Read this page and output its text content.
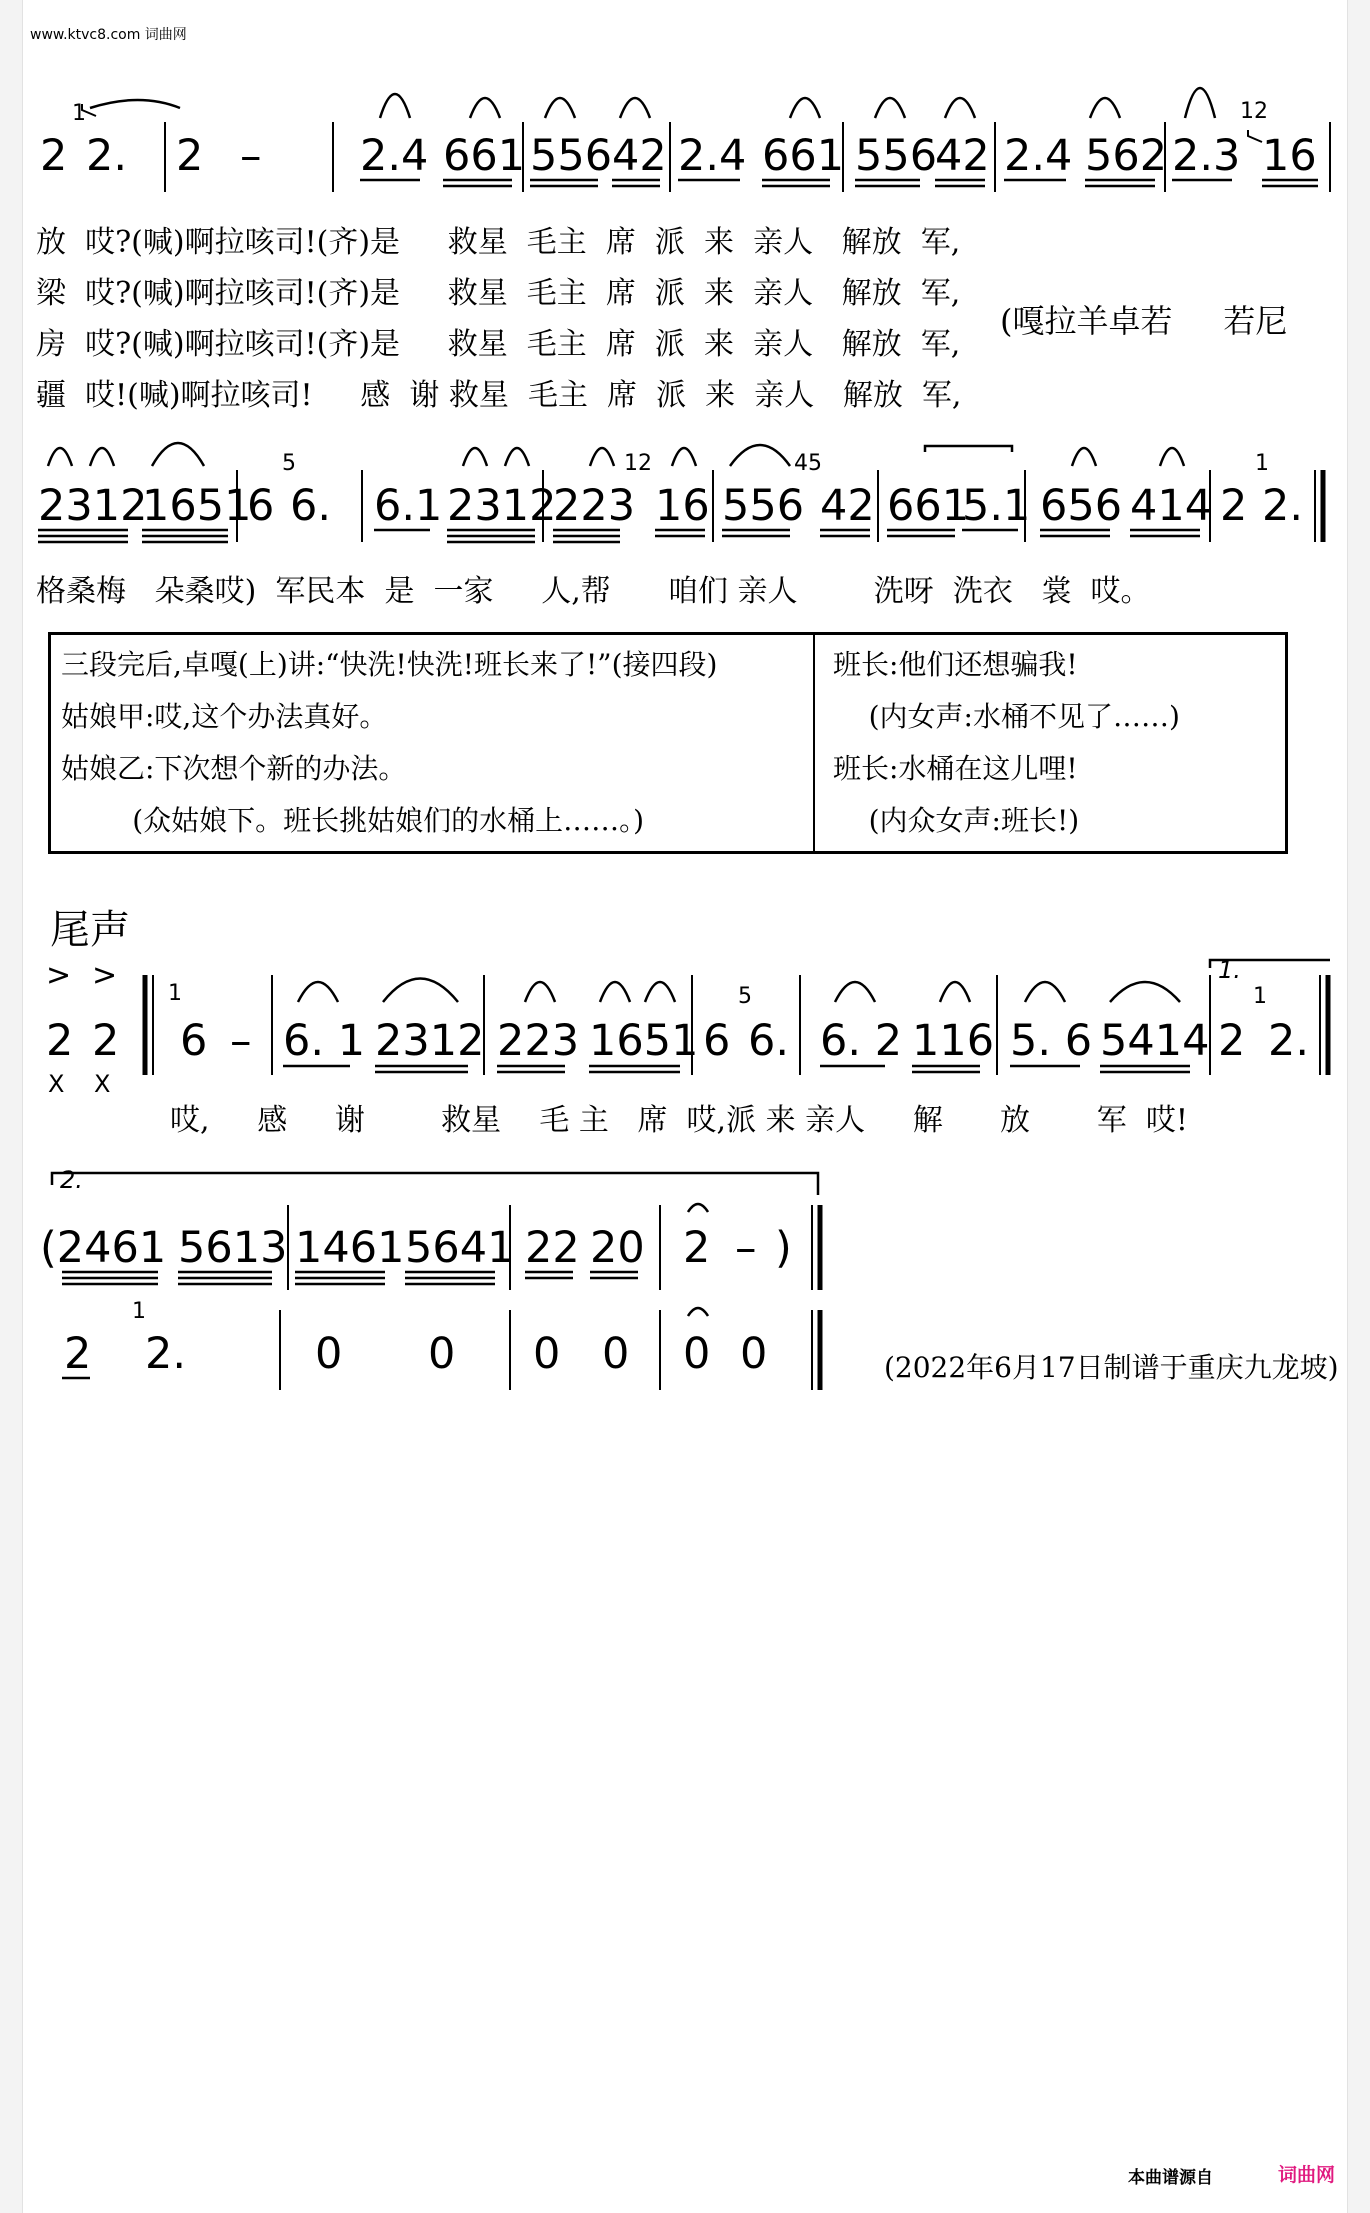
www.ktvc8.com 词曲网
2
1
2. 2 – 2.4 661 556 42 2.4 661 556
42 2.4 562 2.3
12
16
2312
1651
6
5
6. 6.1 2312
223
12
16 556
45
42 661
5.1 656 414 2
1
2.
2 2
> >
X X
1
6 – 6. 1 2312 223 1651 6
5
6. 6. 2 116 5. 6 5414
1.
2
1
2.
2.
(2461 5613 1461 5641 22 20 2 – )
2
1
2.	0 0 0 0 0 0
放  哎?(喊)啊拉咳司!(齐)是     救星  毛主  席  派  来  亲人   解放  军,
梁  哎?(喊)啊拉咳司!(齐)是     救星  毛主  席  派  来  亲人   解放  军,
房  哎?(喊)啊拉咳司!(齐)是     救星  毛主  席  派  来  亲人   解放  军,
疆  哎!(喊)啊拉咳司!     感  谢 救星  毛主  席  派  来  亲人   解放  军,
(嘎拉羊卓若     若尼
格桑梅   朵桑哎)  军民本  是  一家     人,帮      咱们 亲人        洗呀  洗衣   裳  哎。
哎,     感     谢        救星    毛 主   席  哎,派 来 亲人     解      放       军  哎!
三段完后,卓嘎(上)讲:“快洗!快洗!班长来了!”(接四段)
姑娘甲:哎,这个办法真好。
姑娘乙:下次想个新的办法。
(众姑娘下。班长挑姑娘们的水桶上……。)
班长:他们还想骗我!
(内女声:水桶不见了……)
班长:水桶在这儿哩!
(内众女声:班长!)
尾声
(2022年6月17日制谱于重庆九龙坡)
本曲谱源自	词曲网
